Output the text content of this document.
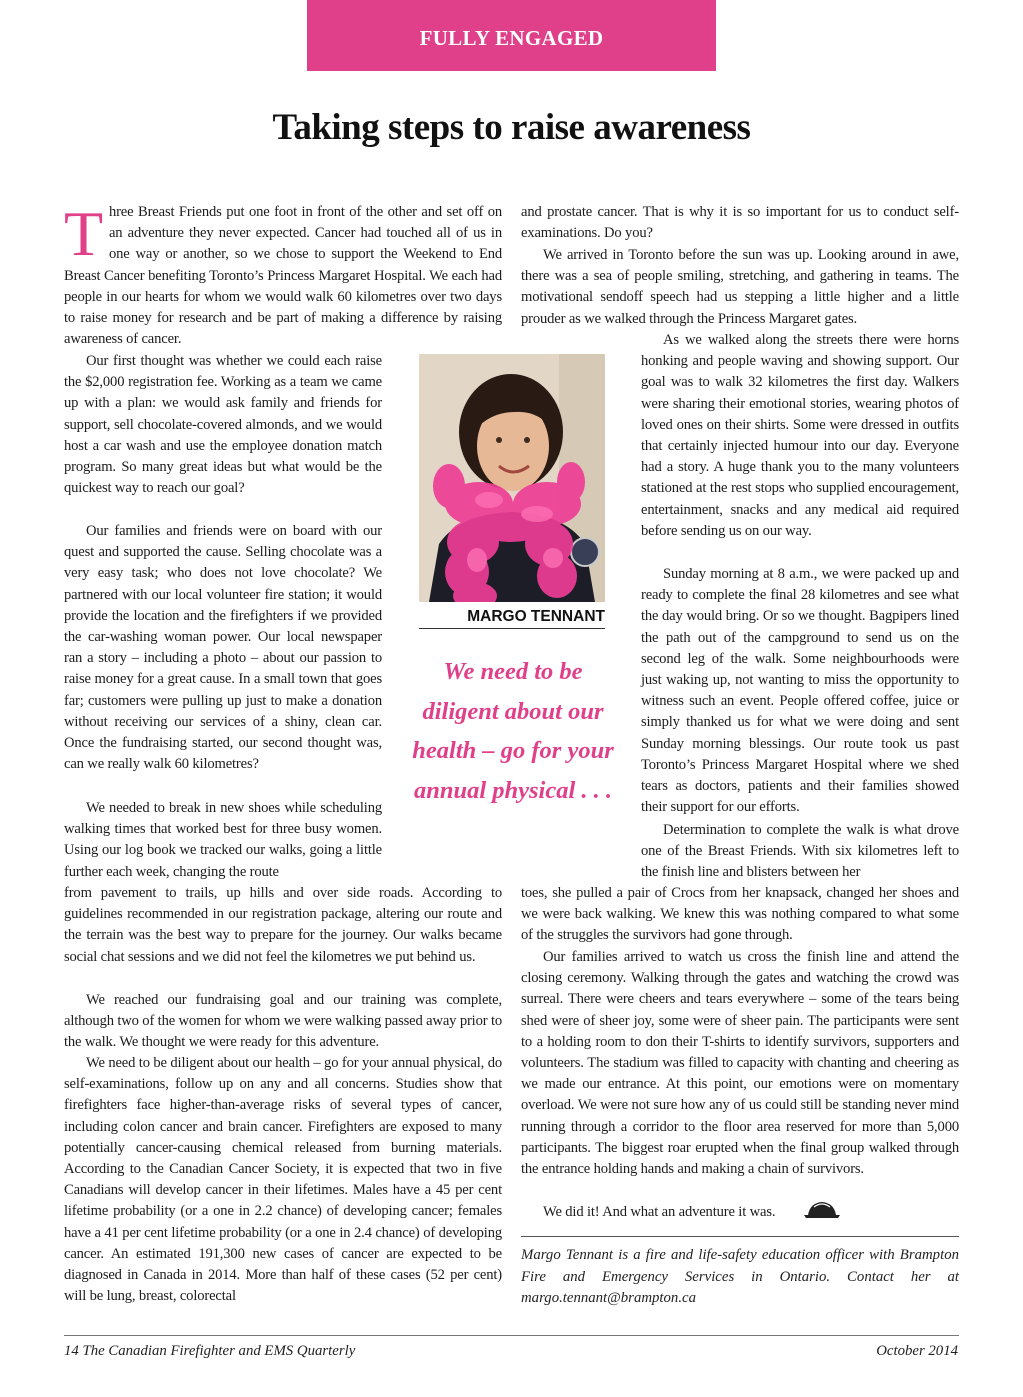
FULLY ENGAGED
Taking steps to raise awareness
Three Breast Friends put one foot in front of the other and set off on an adventure they never expected. Cancer had touched all of us in one way or another, so we chose to support the Weekend to End Breast Cancer benefiting Toronto’s Princess Margaret Hospital. We each had people in our hearts for whom we would walk 60 kilometres over two days to raise money for research and be part of making a difference by raising awareness of cancer.
Our first thought was whether we could each raise the $2,000 registration fee. Working as a team we came up with a plan: we would ask family and friends for support, sell chocolate-covered almonds, and we would host a car wash and use the employee donation match program. So many great ideas but what would be the quickest way to reach our goal?
Our families and friends were on board with our quest and supported the cause. Selling chocolate was a very easy task; who does not love chocolate? We partnered with our local volunteer fire station; it would provide the location and the firefighters if we provided the car-washing woman power. Our local newspaper ran a story – including a photo – about our passion to raise money for a great cause. In a small town that goes far; customers were pulling up just to make a donation without receiving our services of a shiny, clean car. Once the fundraising started, our second thought was, can we really walk 60 kilometres?
We needed to break in new shoes while scheduling walking times that worked best for three busy women. Using our log book we tracked our walks, going a little further each week, changing the route
from pavement to trails, up hills and over side roads. According to guidelines recommended in our registration package, altering our route and the terrain was the best way to prepare for the journey. Our walks became social chat sessions and we did not feel the kilometres we put behind us.
We reached our fundraising goal and our training was complete, although two of the women for whom we were walking passed away prior to the walk. We thought we were ready for this adventure.
We need to be diligent about our health – go for your annual physical, do self-examinations, follow up on any and all concerns. Studies show that firefighters face higher-than-average risks of several types of cancer, including colon cancer and brain cancer. Firefighters are exposed to many potentially cancer-causing chemical released from burning materials. According to the Canadian Cancer Society, it is expected that two in five Canadians will develop cancer in their lifetimes. Males have a 45 per cent lifetime probability (or a one in 2.2 chance) of developing cancer; females have a 41 per cent lifetime probability (or a one in 2.4 chance) of developing cancer. An estimated 191,300 new cases of cancer are expected to be diagnosed in Canada in 2014. More than half of these cases (52 per cent) will be lung, breast, colorectal
MARGO TENNANT
We need to be diligent about our health – go for your annual physical . . .
and prostate cancer. That is why it is so important for us to conduct self-examinations. Do you?
We arrived in Toronto before the sun was up. Looking around in awe, there was a sea of people smiling, stretching, and gathering in teams. The motivational sendoff speech had us stepping a little higher and a little prouder as we walked through the Princess Margaret gates.
As we walked along the streets there were horns honking and people waving and showing support. Our goal was to walk 32 kilometres the first day. Walkers were sharing their emotional stories, wearing photos of loved ones on their shirts. Some were dressed in outfits that certainly injected humour into our day. Everyone had a story. A huge thank you to the many volunteers stationed at the rest stops who supplied encouragement, entertainment, snacks and any medical aid required before sending us on our way.
Sunday morning at 8 a.m., we were packed up and ready to complete the final 28 kilometres and see what the day would bring. Or so we thought. Bagpipers lined the path out of the campground to send us on the second leg of the walk. Some neighbourhoods were just waking up, not wanting to miss the opportunity to witness such an event. People offered coffee, juice or simply thanked us for what we were doing and sent Sunday morning blessings. Our route took us past Toronto’s Princess Margaret Hospital where we shed tears as doctors, patients and their families showed their support for our efforts.
Determination to complete the walk is what drove one of the Breast Friends. With six kilometres left to the finish line and blisters between her
toes, she pulled a pair of Crocs from her knapsack, changed her shoes and we were back walking. We knew this was nothing compared to what some of the struggles the survivors had gone through.
Our families arrived to watch us cross the finish line and attend the closing ceremony. Walking through the gates and watching the crowd was surreal. There were cheers and tears everywhere – some of the tears being shed were of sheer joy, some were of sheer pain. The participants were sent to a holding room to don their T-shirts to identify survivors, supporters and volunteers. The stadium was filled to capacity with chanting and cheering as we made our entrance. At this point, our emotions were on momentary overload. We were not sure how any of us could still be standing never mind running through a corridor to the floor area reserved for more than 5,000 participants. The biggest roar erupted when the final group walked through the entrance holding hands and making a chain of survivors.
We did it! And what an adventure it was.
Margo Tennant is a fire and life-safety education officer with Brampton Fire and Emergency Services in Ontario. Contact her at margo.tennant@brampton.ca
14 The Canadian Firefighter and EMS Quarterly	October 2014
